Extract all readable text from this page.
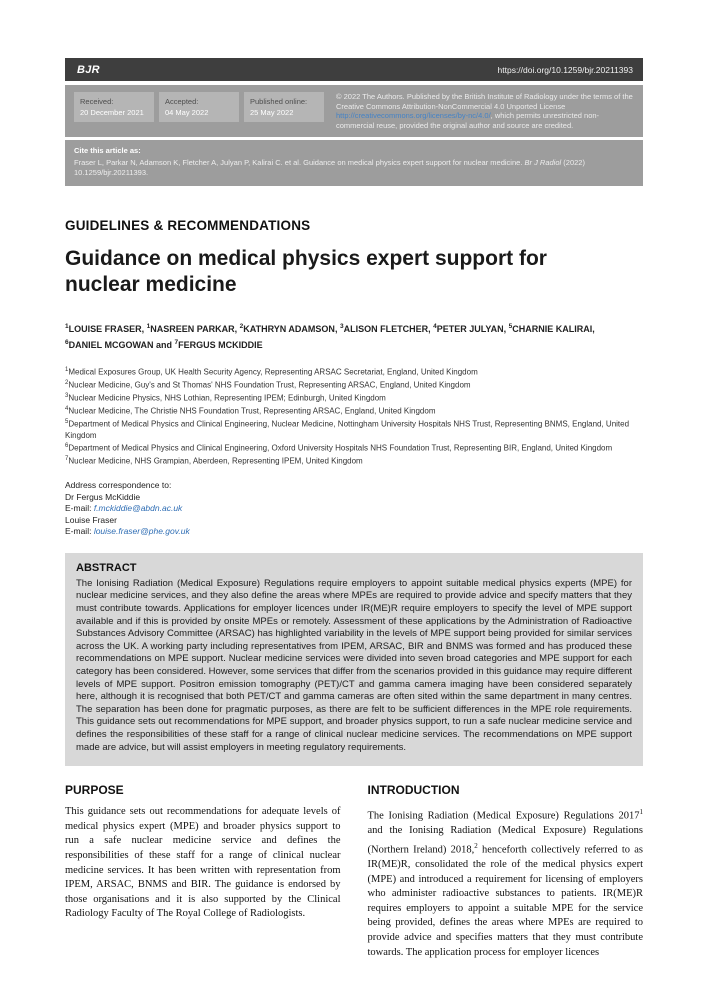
BJR	https://doi.org/10.1259/bjr.20211393
Received:
20 December 2021
Accepted:
04 May 2022
Published online:
25 May 2022
© 2022 The Authors. Published by the British Institute of Radiology under the terms of the Creative Commons Attribution-NonCommercial 4.0 Unported License http://creativecommons.org/licenses/by-nc/4.0/, which permits unrestricted non-commercial reuse, provided the original author and source are credited.
Cite this article as:
Fraser L, Parkar N, Adamson K, Fletcher A, Julyan P, Kalirai C. et al. Guidance on medical physics expert support for nuclear medicine. Br J Radiol (2022) 10.1259/bjr.20211393.
GUIDELINES & RECOMMENDATIONS
Guidance on medical physics expert support for nuclear medicine
$^1$LOUISE FRASER, $^1$NASREEN PARKAR, $^2$KATHRYN ADAMSON, $^3$ALISON FLETCHER, $^4$PETER JULYAN, $^5$CHARNIE KALIRAI, $^6$DANIEL MCGOWAN and $^7$FERGUS MCKIDDIE
$^1$Medical Exposures Group, UK Health Security Agency, Representing ARSAC Secretariat, England, United Kingdom
$^2$Nuclear Medicine, Guy's and St Thomas' NHS Foundation Trust, Representing ARSAC, England, United Kingdom
$^3$Nuclear Medicine Physics, NHS Lothian, Representing IPEM; Edinburgh, United Kingdom
$^4$Nuclear Medicine, The Christie NHS Foundation Trust, Representing ARSAC, England, United Kingdom
$^5$Department of Medical Physics and Clinical Engineering, Nuclear Medicine, Nottingham University Hospitals NHS Trust, Representing BNMS, England, United Kingdom
$^6$Department of Medical Physics and Clinical Engineering, Oxford University Hospitals NHS Foundation Trust, Representing BIR, England, United Kingdom
$^7$Nuclear Medicine, NHS Grampian, Aberdeen, Representing IPEM, United Kingdom
Address correspondence to:
Dr Fergus McKiddie
E-mail: f.mckiddie@abdn.ac.uk
Louise Fraser
E-mail: louise.fraser@phe.gov.uk
ABSTRACT

The Ionising Radiation (Medical Exposure) Regulations require employers to appoint suitable medical physics experts (MPE) for nuclear medicine services, and they also define the areas where MPEs are required to provide advice and specify matters that they must contribute towards. Applications for employer licences under IR(ME)R require employers to specify the level of MPE support available and if this is provided by onsite MPEs or remotely. Assessment of these applications by the Administration of Radioactive Substances Advisory Committee (ARSAC) has highlighted variability in the levels of MPE support being provided for similar services across the UK. A working party including representatives from IPEM, ARSAC, BIR and BNMS was formed and has produced these recommendations on MPE support. Nuclear medicine services were divided into seven broad categories and MPE support for each category has been considered. However, some services that differ from the scenarios provided in this guidance may require different levels of MPE support. Positron emission tomography (PET)/CT and gamma camera imaging have been considered separately here, although it is recognised that both PET/CT and gamma cameras are often sited within the same department in many centres. The separation has been done for pragmatic purposes, as there are felt to be sufficient differences in the MPE role requirements. This guidance sets out recommendations for MPE support, and broader physics support, to run a safe nuclear medicine service and defines the responsibilities of these staff for a range of clinical nuclear medicine services. The recommendations on MPE support made are advice, but will assist employers in meeting regulatory requirements.

PURPOSE

This guidance sets out recommendations for adequate levels of medical physics expert (MPE) and broader physics support to run a safe nuclear medicine service and defines the responsibilities of these staff for a range of clinical nuclear medicine services. It has been written with representation from IPEM, ARSAC, BNMS and BIR. The guidance is endorsed by those organisations and it is also supported by the Clinical Radiology Faculty of The Royal College of Radiologists.

INTRODUCTION

The Ionising Radiation (Medical Exposure) Regulations 2017$^1$ and the Ionising Radiation (Medical Exposure) Regulations (Northern Ireland) 2018,$^2$ henceforth collectively referred to as IR(ME)R, consolidated the role of the medical physics expert (MPE) and introduced a requirement for licensing of employers who administer radioactive substances to patients. IR(ME)R requires employers to appoint a suitable MPE for the service being provided, defines the areas where MPEs are required to provide advice and specifies matters that they must contribute towards. The application process for employer licences
